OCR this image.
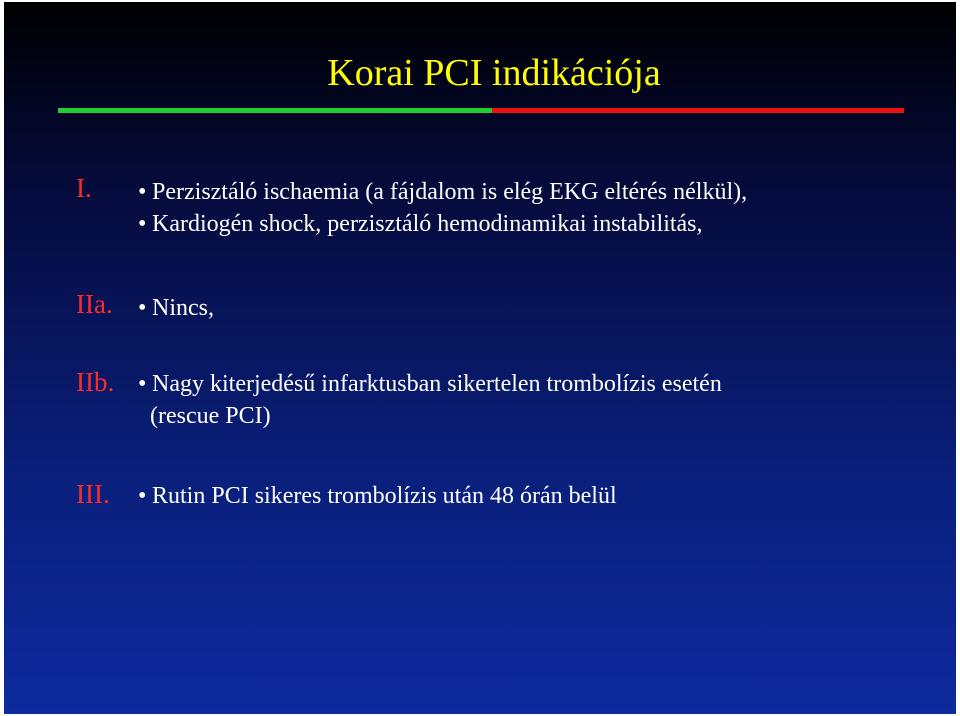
Korai PCI indikációja
I. • Perzisztáló ischaemia (a fájdalom is elég EKG eltérés nélkül),
• Kardiogén shock, perzisztáló hemodinamikai instabilitás,
IIa. • Nincs,
IIb. • Nagy kiterjedésű infarktusban sikertelen trombolízis esetén
(rescue PCI)
III. • Rutin PCI sikeres trombolízis után 48 órán belül
